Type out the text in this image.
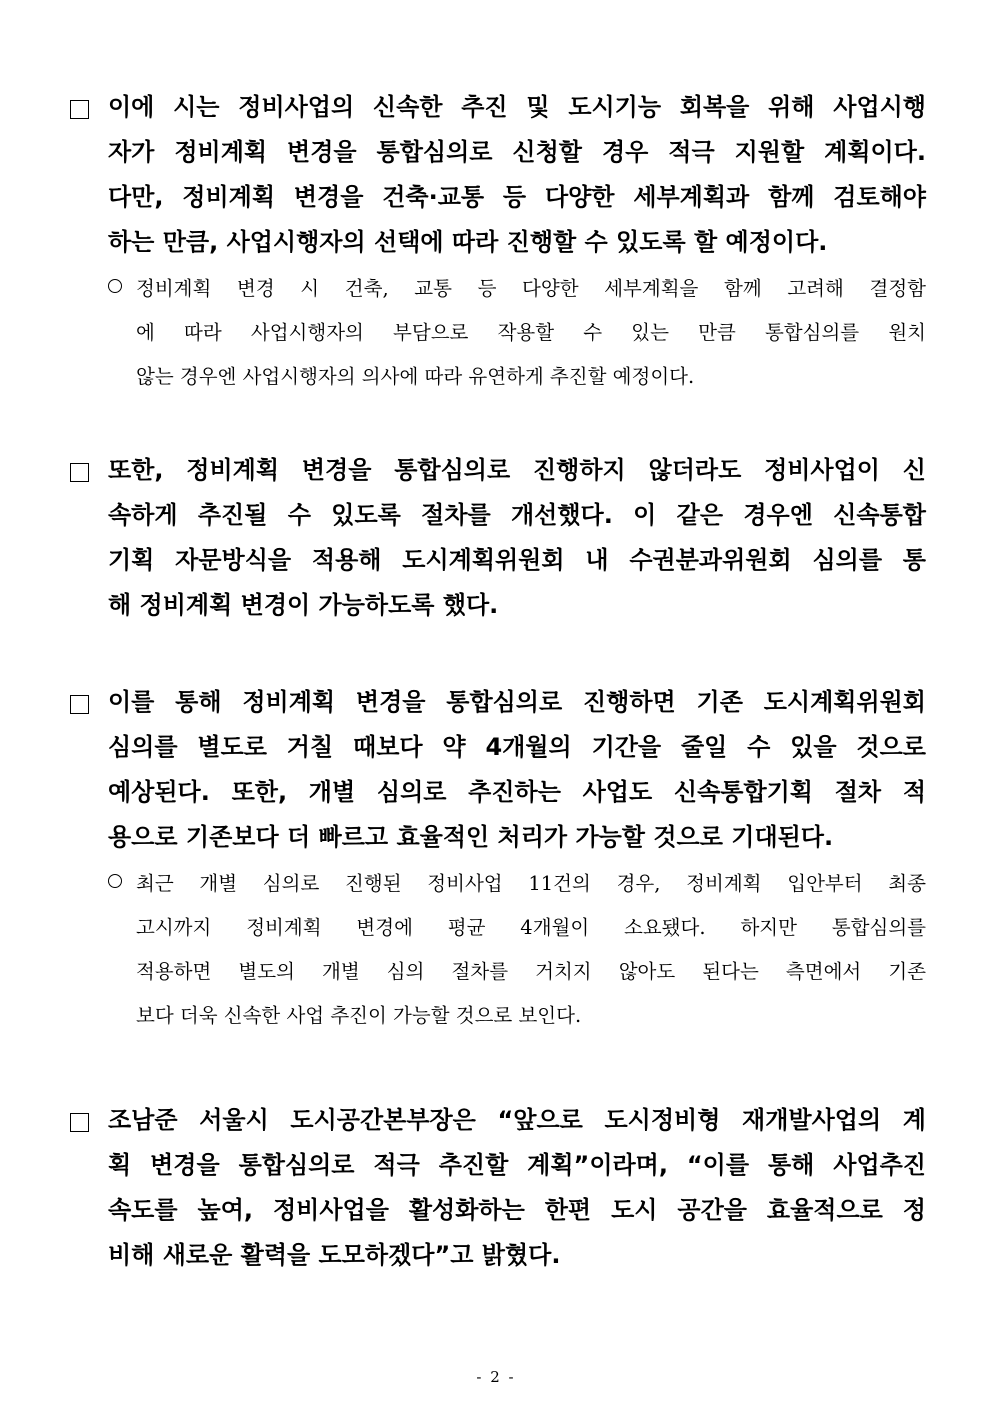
이에 시는 정비사업의 신속한 추진 및 도시기능 회복을 위해 사업시행
자가 정비계획 변경을 통합심의로 신청할 경우 적극 지원할 계획이다.
다만, 정비계획 변경을 건축·교통 등 다양한 세부계획과 함께 검토해야
하는 만큼, 사업시행자의 선택에 따라 진행할 수 있도록 할 예정이다.
정비계획 변경 시 건축, 교통 등 다양한 세부계획을 함께 고려해 결정함
에 따라 사업시행자의 부담으로 작용할 수 있는 만큼 통합심의를 원치
않는 경우엔 사업시행자의 의사에 따라 유연하게 추진할 예정이다.
또한, 정비계획 변경을 통합심의로 진행하지 않더라도 정비사업이 신
속하게 추진될 수 있도록 절차를 개선했다. 이 같은 경우엔 신속통합
기획 자문방식을 적용해 도시계획위원회 내 수권분과위원회 심의를 통
해 정비계획 변경이 가능하도록 했다.
이를 통해 정비계획 변경을 통합심의로 진행하면 기존 도시계획위원회
심의를 별도로 거칠 때보다 약 4개월의 기간을 줄일 수 있을 것으로
예상된다. 또한, 개별 심의로 추진하는 사업도 신속통합기획 절차 적
용으로 기존보다 더 빠르고 효율적인 처리가 가능할 것으로 기대된다.
최근 개별 심의로 진행된 정비사업 11건의 경우, 정비계획 입안부터 최종
고시까지 정비계획 변경에 평균 4개월이 소요됐다. 하지만 통합심의를
적용하면 별도의 개별 심의 절차를 거치지 않아도 된다는 측면에서 기존
보다 더욱 신속한 사업 추진이 가능할 것으로 보인다.
조남준 서울시 도시공간본부장은 “앞으로 도시정비형 재개발사업의 계
획 변경을 통합심의로 적극 추진할 계획”이라며, “이를 통해 사업추진
속도를 높여, 정비사업을 활성화하는 한편 도시 공간을 효율적으로 정
비해 새로운 활력을 도모하겠다”고 밝혔다.
- 2 -
